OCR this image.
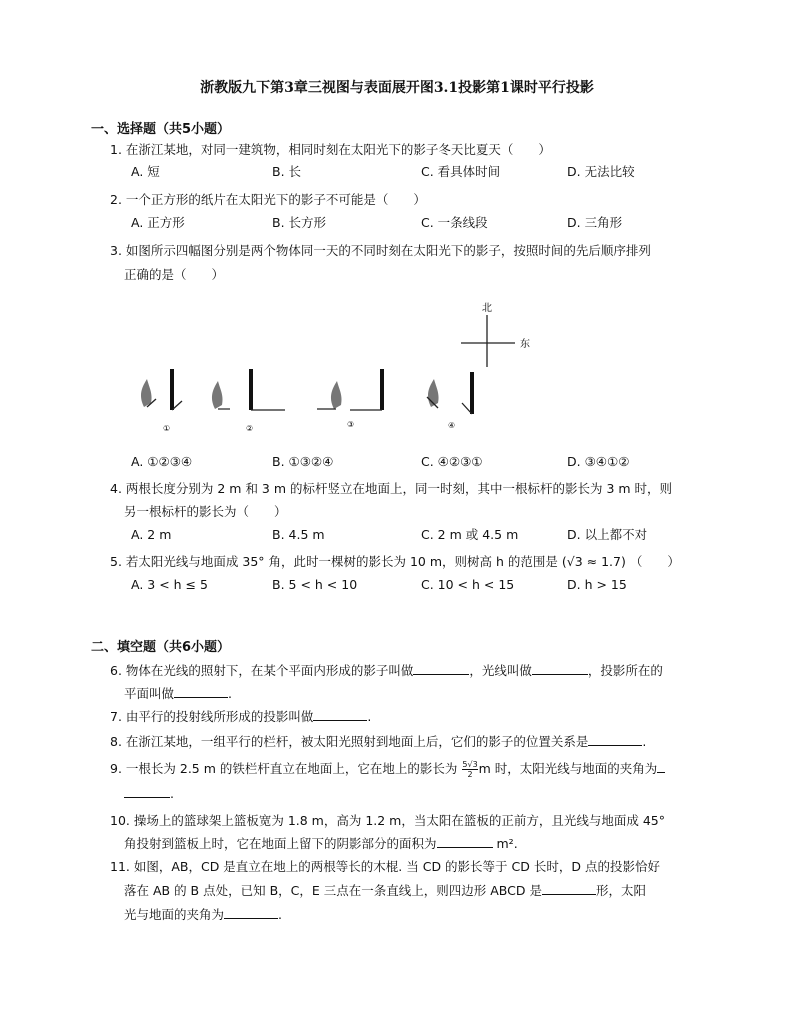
浙教版九下第3章三视图与表面展开图3.1投影第1课时平行投影
一、选择题（共5小题）
1. 在浙江某地，对同一建筑物，相同时刻在太阳光下的影子冬天比夏天（　　）
A. 短	B. 长	C. 看具体时间	D. 无法比较
2. 一个正方形的纸片在太阳光下的影子不可能是（　　）
A. 正方形	B. 长方形	C. 一条线段	D. 三角形
3. 如图所示四幅图分别是两个物体同一天的不同时刻在太阳光下的影子，按照时间的先后顺序排列
正确的是（　　）
北
东
①	②	③	④
A. ①②③④	B. ①③②④	C. ④②③①	D. ③④①②
4. 两根长度分别为 2 m 和 3 m 的标杆竖立在地面上，同一时刻，其中一根标杆的影长为 3 m 时，则
另一根标杆的影长为（　　）
A. 2 m	B. 4.5 m	C. 2 m 或 4.5 m	D. 以上都不对
5. 若太阳光线与地面成 35° 角，此时一棵树的影长为 10 m，则树高 h 的范围是 (√3 ≈ 1.7) （　　）
A. 3 < h ≤ 5	B. 5 < h < 10	C. 10 < h < 15	D. h > 15
二、填空题（共6小题）
6. 物体在光线的照射下，在某个平面内形成的影子叫做	，光线叫做	，投影所在的
平面叫做	.
7. 由平行的投射线所形成的投影叫做	.
8. 在浙江某地，一组平行的栏杆，被太阳光照射到地面上后，它们的影子的位置关系是	.
9. 一根长为 2.5 m 的铁栏杆直立在地面上，它在地上的影长为 $\frac{5√3}{2}$ m 时，太阳光线与地面的夹角为
.
10. 操场上的篮球架上篮板宽为 1.8 m，高为 1.2 m，当太阳在篮板的正前方，且光线与地面成 45°
角投射到篮板上时，它在地面上留下的阴影部分的面积为	m².
11. 如图，AB，CD 是直立在地上的两根等长的木棍. 当 CD 的影长等于 CD 长时，D 点的投影恰好
落在 AB 的 B 点处，已知 B，C，E 三点在一条直线上，则四边形 ABCD 是	形，太阳
光与地面的夹角为	.
